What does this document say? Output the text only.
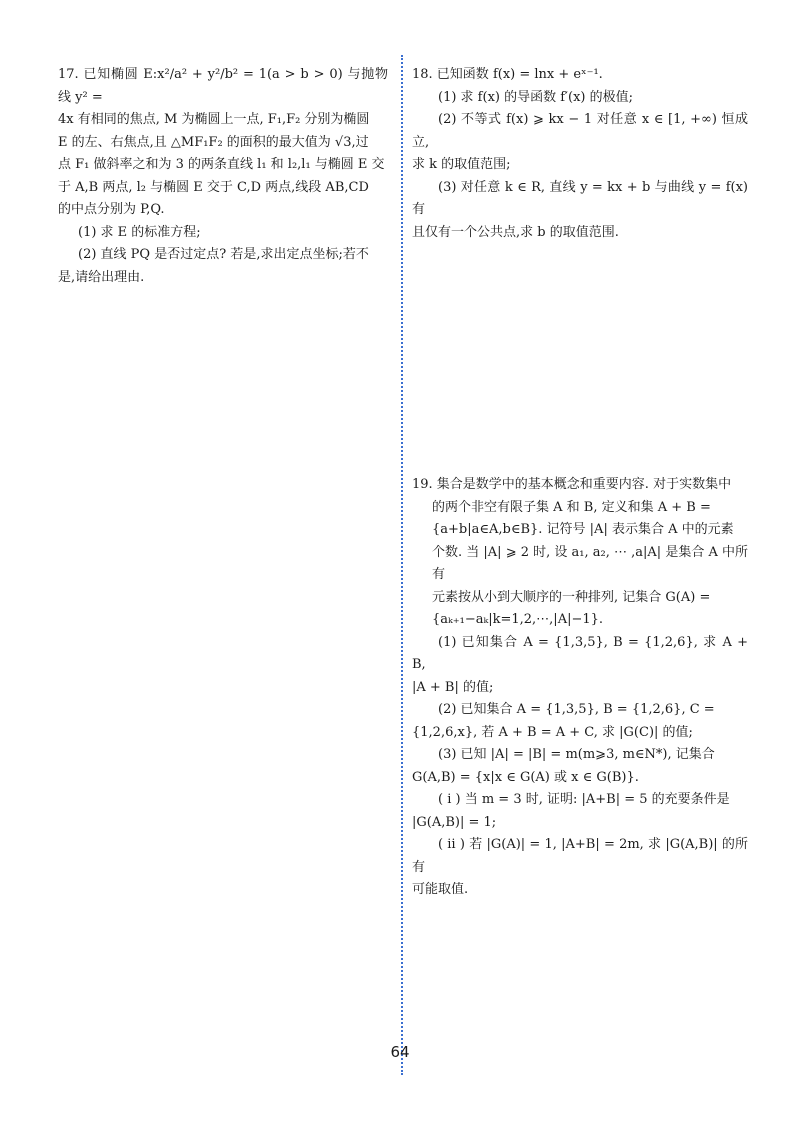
17. 已知椭圆 E:x²/a² + y²/b² = 1(a > b > 0) 与抛物线 y² =

4x 有相同的焦点, M 为椭圆上一点, F₁,F₂ 分别为椭圆

E 的左、右焦点,且 △MF₁F₂ 的面积的最大值为 √3,过

点 F₁ 做斜率之和为 3 的两条直线 l₁ 和 l₂,l₁ 与椭圆 E 交

于 A,B 两点, l₂ 与椭圆 E 交于 C,D 两点,线段 AB,CD

的中点分别为 P,Q.

(1) 求 E 的标准方程;

(2) 直线 PQ 是否过定点? 若是,求出定点坐标;若不

是,请给出理由.

18. 已知函数 f(x) = lnx + eˣ⁻¹.

(1) 求 f(x) 的导函数 f′(x) 的极值;

(2) 不等式 f(x) ⩾ kx − 1 对任意 x ∈ [1, +∞) 恒成立,

求 k 的取值范围;

(3) 对任意 k ∈ R, 直线 y = kx + b 与曲线 y = f(x) 有

且仅有一个公共点,求 b 的取值范围.

19. 集合是数学中的基本概念和重要内容. 对于实数集中

的两个非空有限子集 A 和 B, 定义和集 A + B =

{a+b|a∈A,b∈B}. 记符号 |A| 表示集合 A 中的元素

个数. 当 |A| ⩾ 2 时, 设 a₁, a₂, ⋯ ,a|A| 是集合 A 中所有

元素按从小到大顺序的一种排列, 记集合 G(A) =

{aₖ₊₁−aₖ|k=1,2,⋯,|A|−1}.

(1) 已知集合 A = {1,3,5}, B = {1,2,6}, 求 A + B,

|A + B| 的值;

(2) 已知集合 A = {1,3,5}, B = {1,2,6}, C =

{1,2,6,x}, 若 A + B = A + C, 求 |G(C)| 的值;

(3) 已知 |A| = |B| = m(m⩾3, m∈N*), 记集合

G(A,B) = {x|x ∈ G(A) 或 x ∈ G(B)}.

( ⅰ ) 当 m = 3 时, 证明: |A+B| = 5 的充要条件是

|G(A,B)| = 1;

( ⅱ ) 若 |G(A)| = 1, |A+B| = 2m, 求 |G(A,B)| 的所有

可能取值.

64
